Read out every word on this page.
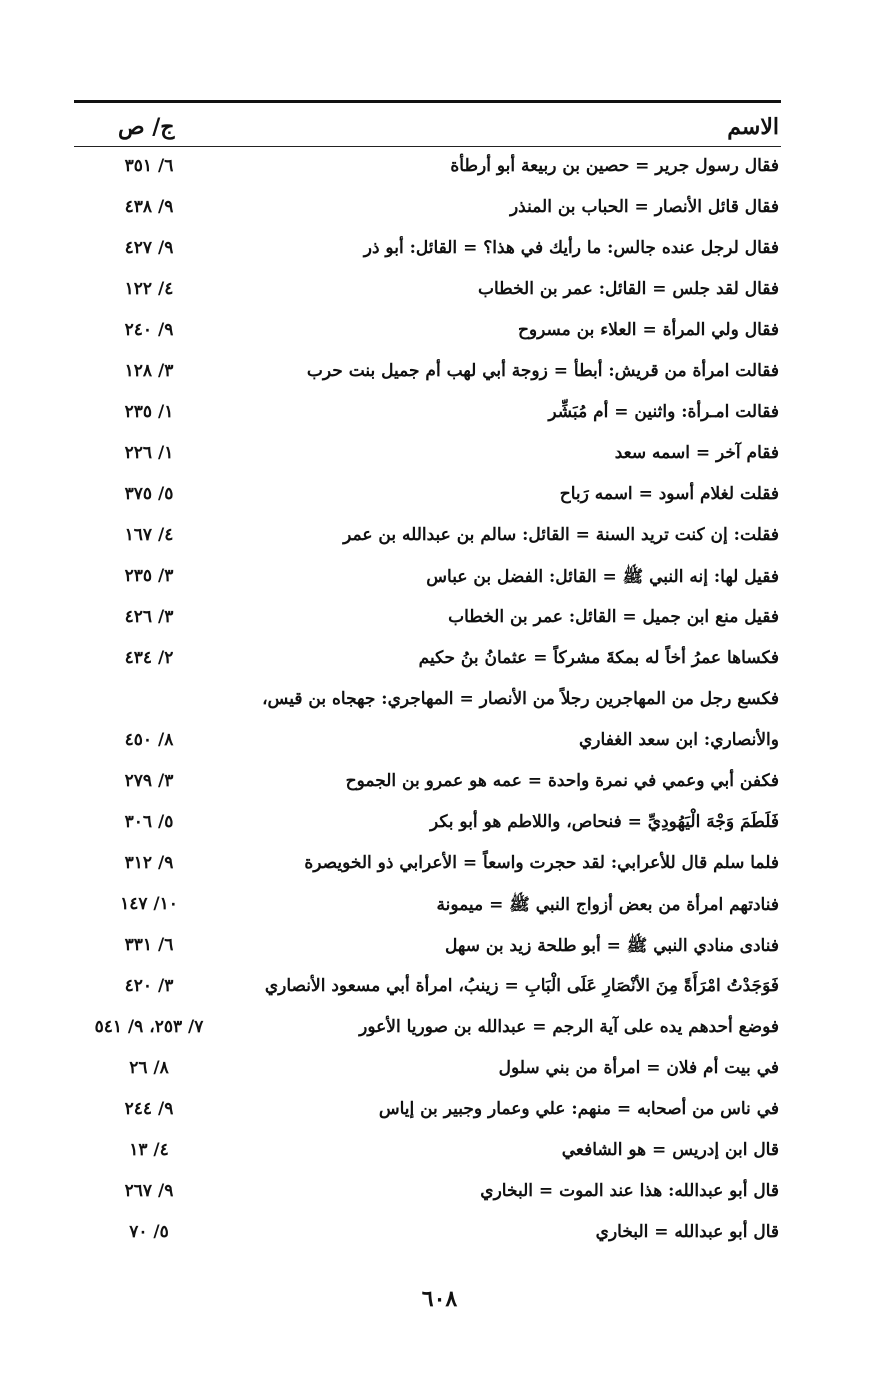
الاسم
ج/ ص
فقال رسول جرير = حصين بن ربيعة أبو أرطأة
٦/ ٣٥١
فقال قائل الأنصار = الحباب بن المنذر
٩/ ٤٣٨
فقال لرجل عنده جالس: ما رأيك في هذا؟ = القائل: أبو ذر
٩/ ٤٢٧
فقال لقد جلس = القائل: عمر بن الخطاب
٤/ ١٢٢
فقال ولي المرأة = العلاء بن مسروح
٩/ ٢٤٠
فقالت امرأة من قريش: أبطأ = زوجة أبي لهب أم جميل بنت حرب
٣/ ١٢٨
فقالت امـرأة: واثنين = أم مُبَشِّر
١/ ٢٣٥
فقام آخر = اسمه سعد
١/ ٢٢٦
فقلت لغلام أسود = اسمه رَباح
٥/ ٣٧٥
فقلت: إن كنت تريد السنة = القائل: سالم بن عبدالله بن عمر
٤/ ١٦٧
فقيل لها: إنه النبي ﷺ = القائل: الفضل بن عباس
٣/ ٢٣٥
فقيل منع ابن جميل = القائل: عمر بن الخطاب
٣/ ٤٢٦
فكساها عمرُ أخاً له بمكةَ مشركاً = عثمانُ بنُ حكيم
٢/ ٤٣٤
فكسع رجل من المهاجرين رجلاً من الأنصار = المهاجري: جهجاه بن قيس،
والأنصاري: ابن سعد الغفاري
٨/ ٤٥٠
فكفن أبي وعمي في نمرة واحدة = عمه هو عمرو بن الجموح
٣/ ٢٧٩
فَلَطَمَ وَجْهَ الْيَهُودِيِّ = فنحاص، واللاطم هو أبو بكر
٥/ ٣٠٦
فلما سلم قال للأعرابي: لقد حجرت واسعاً = الأعرابي ذو الخويصرة
٩/ ٣١٢
فنادتهم امرأة من بعض أزواج النبي ﷺ = ميمونة
١٠/ ١٤٧
فنادى منادي النبي ﷺ = أبو طلحة زيد بن سهل
٦/ ٣٣١
فَوَجَدْتُ امْرَأَةً مِنَ الأنْصَارِ عَلَى الْبَابِ = زينبُ، امرأة أبي مسعود الأنصاري
٣/ ٤٢٠
فوضع أحدهم يده على آية الرجم = عبدالله بن صوريا الأعور
٧/ ٢٥٣، ٩/ ٥٤١
في بيت أم فلان = امرأة من بني سلول
٨/ ٢٦
في ناس من أصحابه = منهم: علي وعمار وجبير بن إياس
٩/ ٢٤٤
قال ابن إدريس = هو الشافعي
٤/ ١٣
قال أبو عبدالله: هذا عند الموت = البخاري
٩/ ٢٦٧
قال أبو عبدالله = البخاري
٥/ ٧٠
٦٠٨
